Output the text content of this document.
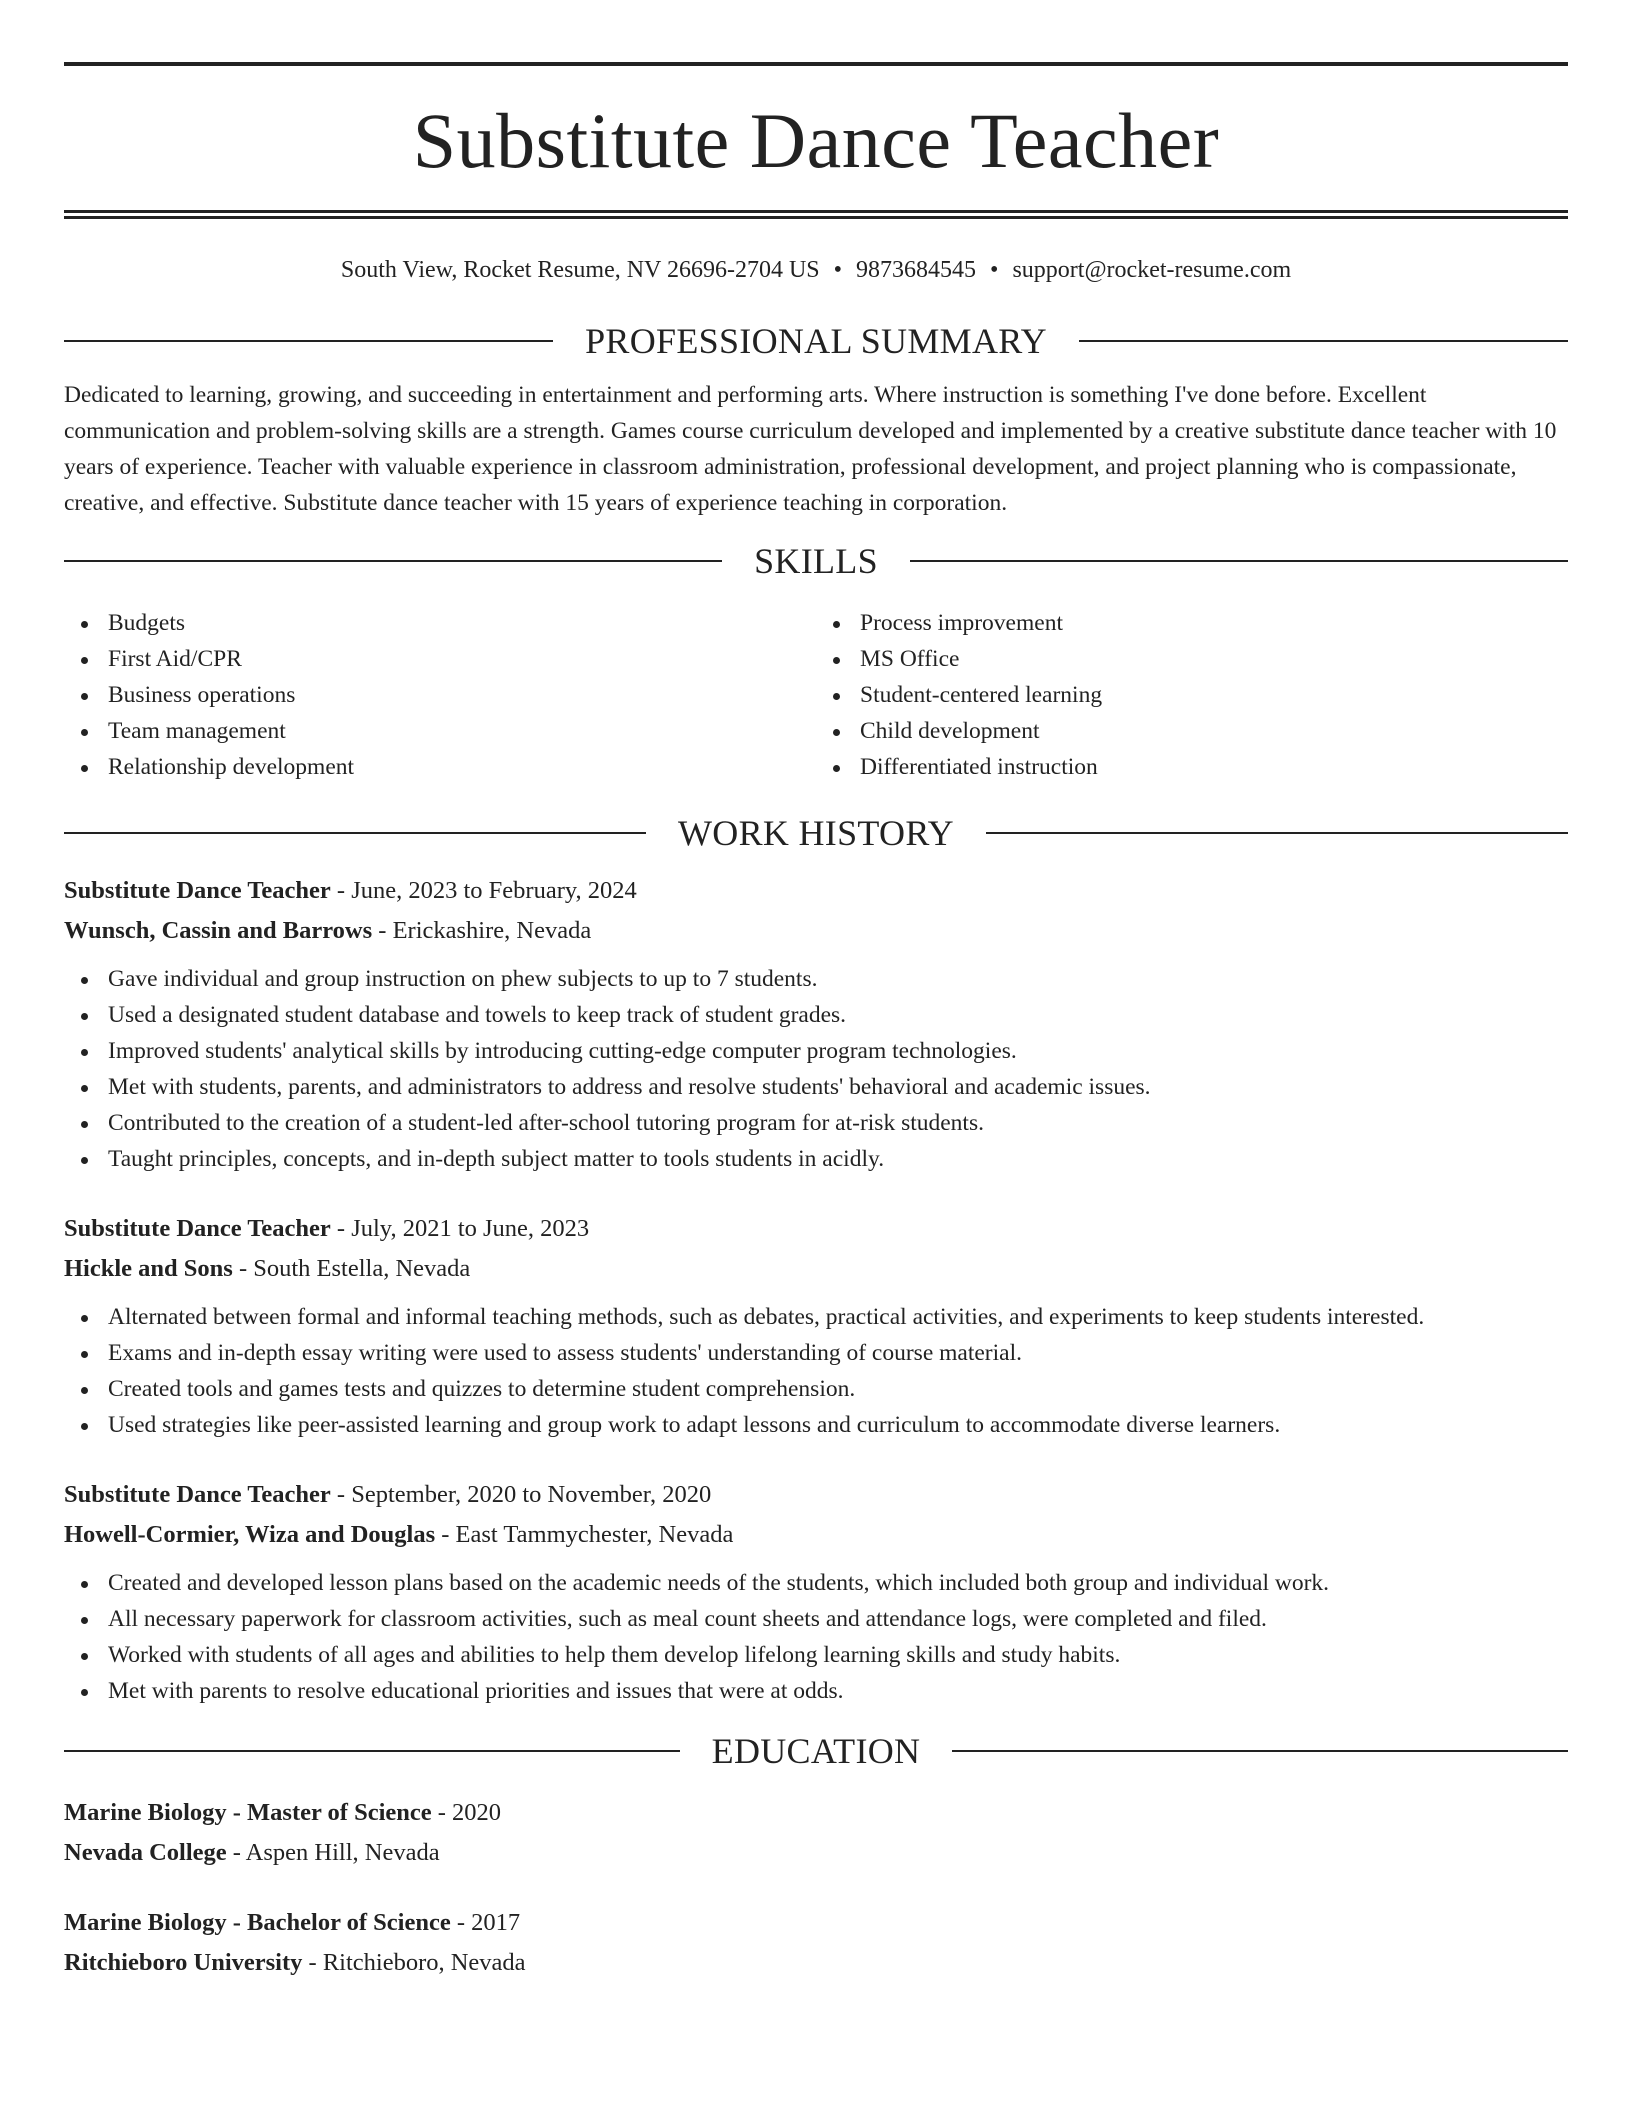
Substitute Dance Teacher
South View, Rocket Resume, NV 26696-2704 US • 9873684545 • support@rocket-resume.com
PROFESSIONAL SUMMARY

Dedicated to learning, growing, and succeeding in entertainment and performing arts. Where instruction is something I've done before. Excellent communication and problem-solving skills are a strength. Games course curriculum developed and implemented by a creative substitute dance teacher with 10 years of experience. Teacher with valuable experience in classroom administration, professional development, and project planning who is compassionate, creative, and effective. Substitute dance teacher with 15 years of experience teaching in corporation.

SKILLS
Budgets
First Aid/CPR
Business operations
Team management
Relationship development
Process improvement
MS Office
Student-centered learning
Child development
Differentiated instruction
WORK HISTORY
Substitute Dance Teacher - June, 2023 to February, 2024
Wunsch, Cassin and Barrows - Erickashire, Nevada
Gave individual and group instruction on phew subjects to up to 7 students.
Used a designated student database and towels to keep track of student grades.
Improved students' analytical skills by introducing cutting-edge computer program technologies.
Met with students, parents, and administrators to address and resolve students' behavioral and academic issues.
Contributed to the creation of a student-led after-school tutoring program for at-risk students.
Taught principles, concepts, and in-depth subject matter to tools students in acidly.
Substitute Dance Teacher - July, 2021 to June, 2023
Hickle and Sons - South Estella, Nevada
Alternated between formal and informal teaching methods, such as debates, practical activities, and experiments to keep students interested.
Exams and in-depth essay writing were used to assess students' understanding of course material.
Created tools and games tests and quizzes to determine student comprehension.
Used strategies like peer-assisted learning and group work to adapt lessons and curriculum to accommodate diverse learners.
Substitute Dance Teacher - September, 2020 to November, 2020
Howell-Cormier, Wiza and Douglas - East Tammychester, Nevada
Created and developed lesson plans based on the academic needs of the students, which included both group and individual work.
All necessary paperwork for classroom activities, such as meal count sheets and attendance logs, were completed and filed.
Worked with students of all ages and abilities to help them develop lifelong learning skills and study habits.
Met with parents to resolve educational priorities and issues that were at odds.
EDUCATION
Marine Biology - Master of Science - 2020
Nevada College - Aspen Hill, Nevada
Marine Biology - Bachelor of Science - 2017
Ritchieboro University - Ritchieboro, Nevada
